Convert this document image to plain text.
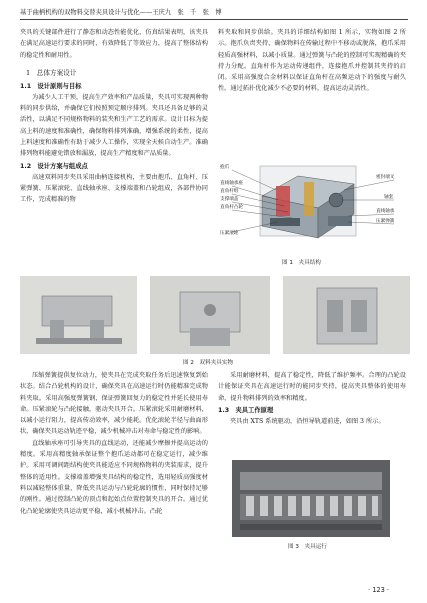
基于曲柄机构的双物料交替夹具设计与优化——王庆九　张　千　张　博

夹具的关键部件进行了静态和动态性能优化，仿真结果表明，该夹具在满足高速运行要求的同时，有效降低了等效应力，提高了整体结构的稳定性和耐用性。

1　总体方案设计
1.1　设计原则与目标

为减少人工干预，提高生产效率和产品质量，夹具可实现两种物料的同步供给，并确保它们按照预定顺序排列。夹具还具备足够的灵活性，以满足不同规格物料的装夹和生产工艺的需求。设计目标为提高上料的速度和准确性，确保物料排列准确，增强系统的柔性，提高上料速度和准确性有助于减少人工操作，实现全天候自动生产。准确排列物料能避免错放和漏放，提高生产精度和产品质量。

1.2　设计方案与组成点

高速双料同步夹具采用曲柄连接机构，主要由抱爪、直角杆、压紧弹簧、压紧滚轮、直线轴承座、支撑端盖和凸轮组成，各部件协同工作，完成精准的物

料夹取和同步供给。夹具的详细结构如图 1 所示，实物如图 2 所示。抱爪负责夹持，确保物料在传输过程中不移动或脱落，抱爪采用轻质高强材料，以减小质量。通过弹簧与凸轮的控制可实现精确的夹持力分配。直角杆作为运动传递组件，连接抱爪并控制其夹持的启闭。采用高强度合金材料以保证直角杆在高频运动下的强度与耐久性。通过拓扑优化减少不必要的材料，提高运动灵活性。

抱爪
直线轴承座
直角杆组
支撑端盖
直角杆凸轮
压紧滚轮
密封端叉
轴套
直线轴承
压紧弹簧
图 1　夹具结构
图 2　双料夹具实物

压缩弹簧提供复位动力，使夹具在完成夹取任务后迅速恢复到始状态。结合凸轮机构的设计，确保夹具在高速运行时仍能精准完成物料夹取。采用高强度弹簧钢，保证弹簧回复力的稳定性并延长使用寿命。压紧滚轮与凸轮接触，驱动夹具开合。压紧滚轮采用耐磨材料，以减小运行阻力，提高传动效率，减少能耗。优化滚轮半径与曲面形状，确保夹具运动轨迹平稳，减少机械冲击对寿命与稳定性的影响。

直线轴承座可引导夹具的直线运动，还能减少摩擦并提高运动的精度。采用高精度轴承保证整个抱爪运动都可在稳定运行，减少维护。采用可调间距结构使夹具能适应不同规格物料的夹装需求，提升整体的适用性。支撑端盖增强夹具结构的稳定性，选用轻质高强度材料以减轻整体重量，降低夹具运动与凸轮轮廓的惯性，同时保持足够的刚性。通过控制凸轮的顶点和起始点位置控制夹具的开合。通过优化凸轮轮廓使夹具运动更平稳，减小机械冲击。凸轮

采用耐磨材料，提高了稳定性，降低了维护频率。合理的凸轮设计能保证夹具在高速运行时的能同步夹持，提高夹具整体的使用寿命，提升物料排列的效率和精度。

1.3　夹具工作原理

夹具由 XTS 系统驱动，沿恒导轨道前进，如图 3 所示。

图 3　夹具运行
· 123 ·
